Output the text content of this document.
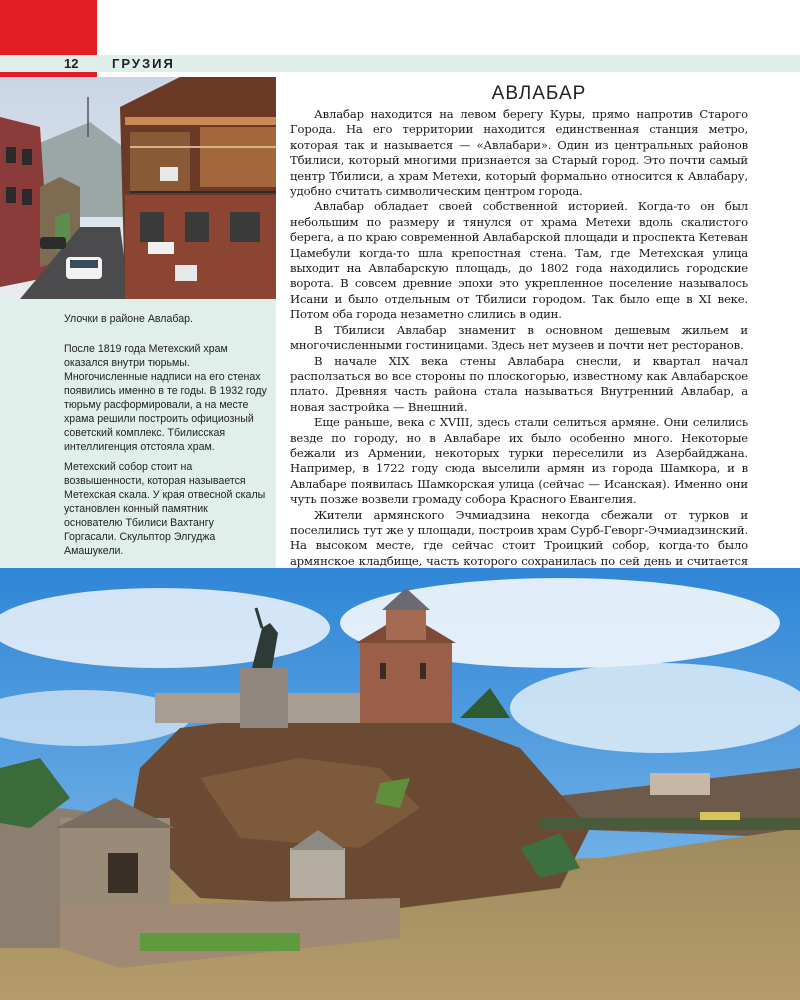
12	ГРУЗИЯ
Улочки в районе Авлабар.
После 1819 года Метехский храм оказался внутри тюрьмы. Многочисленные надписи на его стенах появились именно в те годы. В 1932 году тюрьму расформировали, а на месте храма решили построить официозный советский комплекс. Тбилисская интеллигенция отстояла храм.
Метехский собор стоит на возвышенности, которая называется Метехская скала. У края отвесной скалы установлен конный памятник основателю Тбилиси Вахтангу Горгасали. Скульптор Элгуджа Амашукели.
АВЛАБАР

Авлабар находится на левом берегу Куры, прямо напротив Старого Города. На его территории находится единственная станция метро, которая так и называется — «Авлабари». Один из центральных районов Тбилиси, который многими признается за Старый город. Это почти самый центр Тбилиси, а храм Метехи, который формально относится к Авлабару, удобно считать символическим центром города.

Авлабар обладает своей собственной историей. Когда-то он был небольшим по размеру и тянулся от храма Метехи вдоль скалистого берега, а по краю современной Авлабарской площади и проспекта Кетеван Цамебули когда-то шла крепостная стена. Там, где Метехская улица выходит на Авлабарскую площадь, до 1802 года находились городские ворота. В совсем древние эпохи это укрепленное поселение называлось Исани и было отдельным от Тбилиси городом. Так было еще в XI веке. Потом оба города незаметно слились в один.

В Тбилиси Авлабар знаменит в основном дешевым жильем и многочисленными гостиницами. Здесь нет музеев и почти нет ресторанов.

В начале XIX века стены Авлабара снесли, и квартал начал расползаться во все стороны по плоскогорью, известному как Авлабарское плато. Древняя часть района стала называться Внутренний Авлабар, а новая застройка — Внешний.

Еще раньше, века с XVIII, здесь стали селиться армяне. Они селились везде по городу, но в Авлабаре их было особенно много. Некоторые бежали из Армении, некоторых турки переселили из Азербайджана. Например, в 1722 году сюда выселили армян из города Шамкора, и в Авлабаре появилась Шамкорская улица (сейчас — Исанская). Именно они чуть позже возвели громаду собора Красного Евангелия.

Жители армянского Эчмиадзина некогда сбежали от турков и поселились тут же у площади, построив храм Сурб-Геворг-Эчмиадзинский. На высоком месте, где сейчас стоит Троицкий собор, когда-то было армянское кладбище, часть которого сохранилась по сей день и считается
